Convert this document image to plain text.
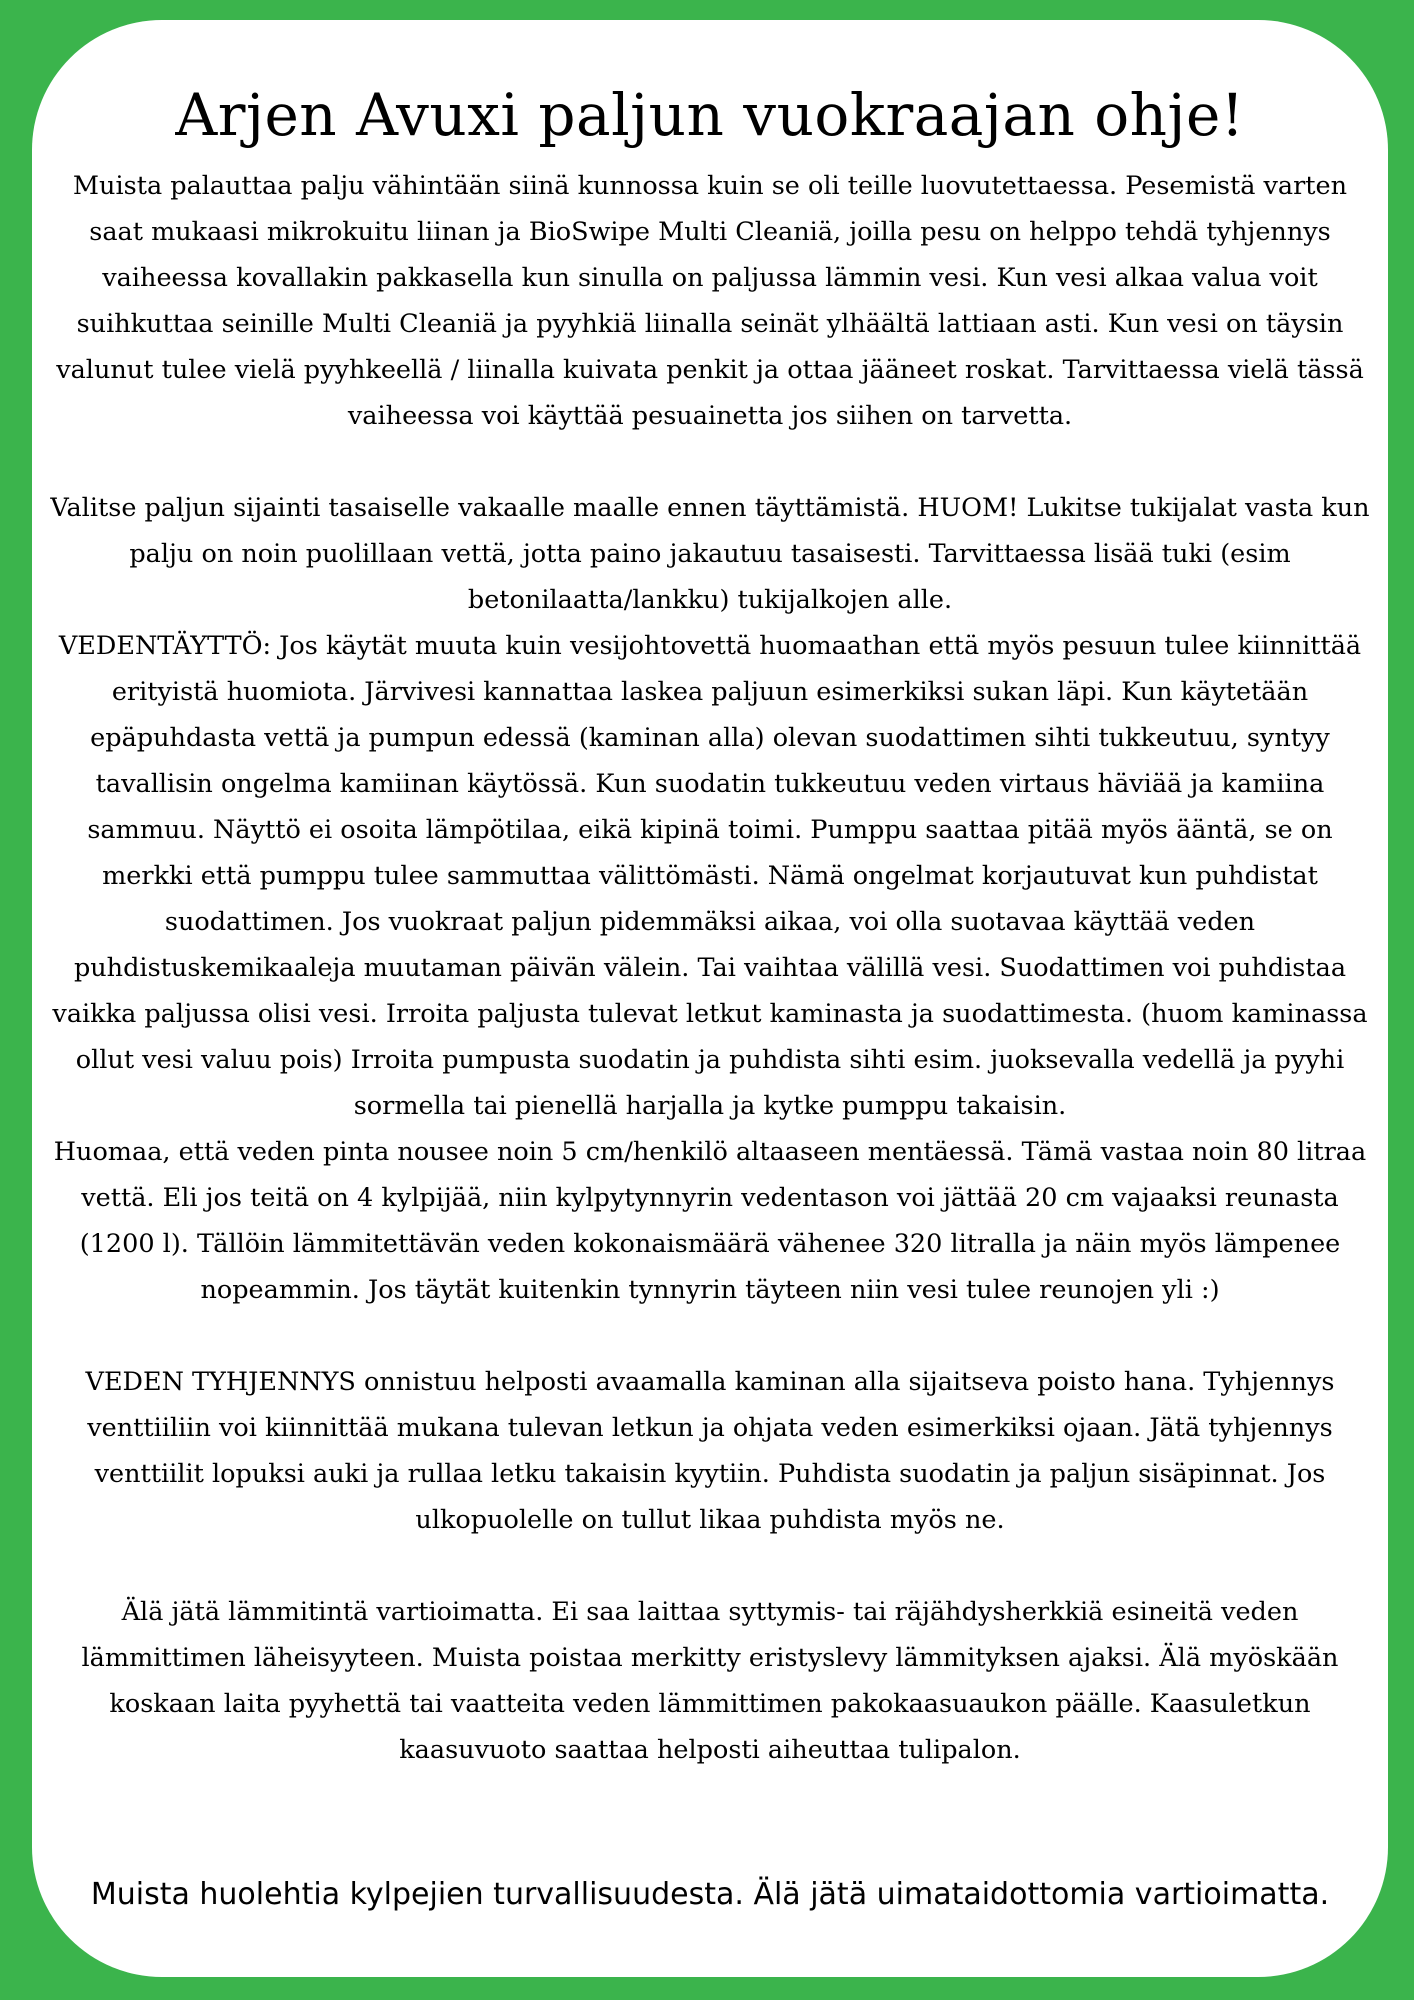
Arjen Avuxi paljun vuokraajan ohje!

Muista palauttaa palju vähintään siinä kunnossa kuin se oli teille luovutettaessa. Pesemistä varten saat mukaasi mikrokuitu liinan ja BioSwipe Multi Cleaniä, joilla pesu on helppo tehdä tyhjennys vaiheessa kovallakin pakkasella kun sinulla on paljussa lämmin vesi. Kun vesi alkaa valua voit suihkuttaa seinille Multi Cleaniä ja pyyhkiä liinalla seinät ylhäältä lattiaan asti. Kun vesi on täysin valunut tulee vielä pyyhkeellä / liinalla kuivata penkit ja ottaa jääneet roskat. Tarvittaessa vielä tässä vaiheessa voi käyttää pesuainetta jos siihen on tarvetta.

Valitse paljun sijainti tasaiselle vakaalle maalle ennen täyttämistä. HUOM! Lukitse tukijalat vasta kun palju on noin puolillaan vettä, jotta paino jakautuu tasaisesti. Tarvittaessa lisää tuki (esim betonilaatta/lankku) tukijalkojen alle.

VEDENTÄYTTÖ: Jos käytät muuta kuin vesijohtovettä huomaathan että myös pesuun tulee kiinnittää erityistä huomiota. Järvivesi kannattaa laskea paljuun esimerkiksi sukan läpi. Kun käytetään epäpuhdasta vettä ja pumpun edessä (kaminan alla) olevan suodattimen sihti tukkeutuu, syntyy tavallisin ongelma kamiinan käytössä. Kun suodatin tukkeutuu veden virtaus häviää ja kamiina sammuu. Näyttö ei osoita lämpötilaa, eikä kipinä toimi. Pumppu saattaa pitää myös ääntä, se on merkki että pumppu tulee sammuttaa välittömästi. Nämä ongelmat korjautuvat kun puhdistat suodattimen. Jos vuokraat paljun pidemmäksi aikaa, voi olla suotavaa käyttää veden puhdistuskemikaaleja muutaman päivän välein. Tai vaihtaa välillä vesi. Suodattimen voi puhdistaa vaikka paljussa olisi vesi. Irroita paljusta tulevat letkut kaminasta ja suodattimesta. (huom kaminassa ollut vesi valuu pois) Irroita pumpusta suodatin ja puhdista sihti esim. juoksevalla vedellä ja pyyhi sormella tai pienellä harjalla ja kytke pumppu takaisin.

Huomaa, että veden pinta nousee noin 5 cm/henkilö altaaseen mentäessä. Tämä vastaa noin 80 litraa vettä. Eli jos teitä on 4 kylpijää, niin kylpytynnyrin vedentason voi jättää 20 cm vajaaksi reunasta (1200 l). Tällöin lämmitettävän veden kokonaismäärä vähenee 320 litralla ja näin myös lämpenee nopeammin. Jos täytät kuitenkin tynnyrin täyteen niin vesi tulee reunojen yli :)

VEDEN TYHJENNYS onnistuu helposti avaamalla kaminan alla sijaitseva poisto hana. Tyhjennys venttiiliin voi kiinnittää mukana tulevan letkun ja ohjata veden esimerkiksi ojaan. Jätä tyhjennys venttiilit lopuksi auki ja rullaa letku takaisin kyytiin. Puhdista suodatin ja paljun sisäpinnat. Jos ulkopuolelle on tullut likaa puhdista myös ne.

Älä jätä lämmitintä vartioimatta. Ei saa laittaa syttymis- tai räjähdysherkkiä esineitä veden lämmittimen läheisyyteen. Muista poistaa merkitty eristyslevy lämmityksen ajaksi. Älä myöskään koskaan laita pyyhettä tai vaatteita veden lämmittimen pakokaasuaukon päälle. Kaasuletkun kaasuvuoto saattaa helposti aiheuttaa tulipalon.

Muista huolehtia kylpejien turvallisuudesta. Älä jätä uimataidottomia vartioimatta.
